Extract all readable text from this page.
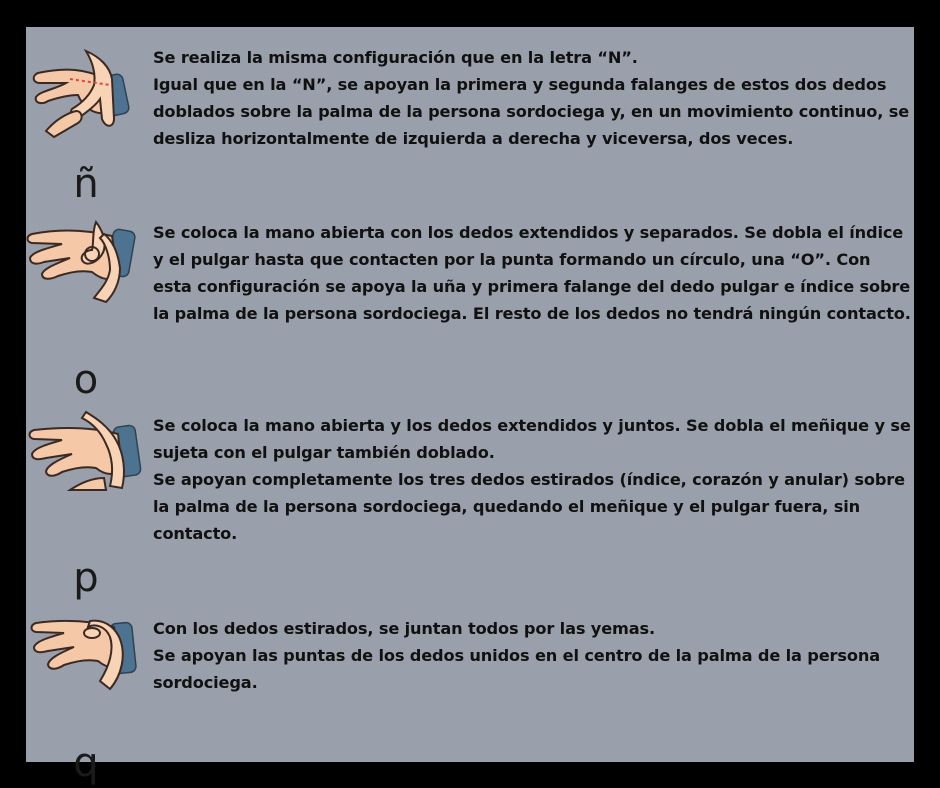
ñ

Se realiza la misma configuración que en la letra “N”.

Igual que en la “N”, se apoyan la primera y segunda falanges de estos dos dedos doblados sobre la palma de la persona sordociega y, en un movimiento continuo, se desliza horizontalmente de izquierda a derecha y viceversa, dos veces.

o

Se coloca la mano abierta con los dedos extendidos y separados. Se dobla el índice y el pulgar hasta que contacten por la punta formando un círculo, una “O”. Con esta configuración se apoya la uña y primera falange del dedo pulgar e índice sobre la palma de la persona sordociega. El resto de los dedos no tendrá ningún contacto.

p

Se coloca la mano abierta y los dedos extendidos y juntos. Se dobla el meñique y se sujeta con el pulgar también doblado.

Se apoyan completamente los tres dedos estirados (índice, corazón y anular) sobre la palma de la persona sordociega, quedando el meñique y el pulgar fuera, sin contacto.

q

Con los dedos estirados, se juntan todos por las yemas.

Se apoyan las puntas de los dedos unidos en el centro de la palma de la persona sordociega.
